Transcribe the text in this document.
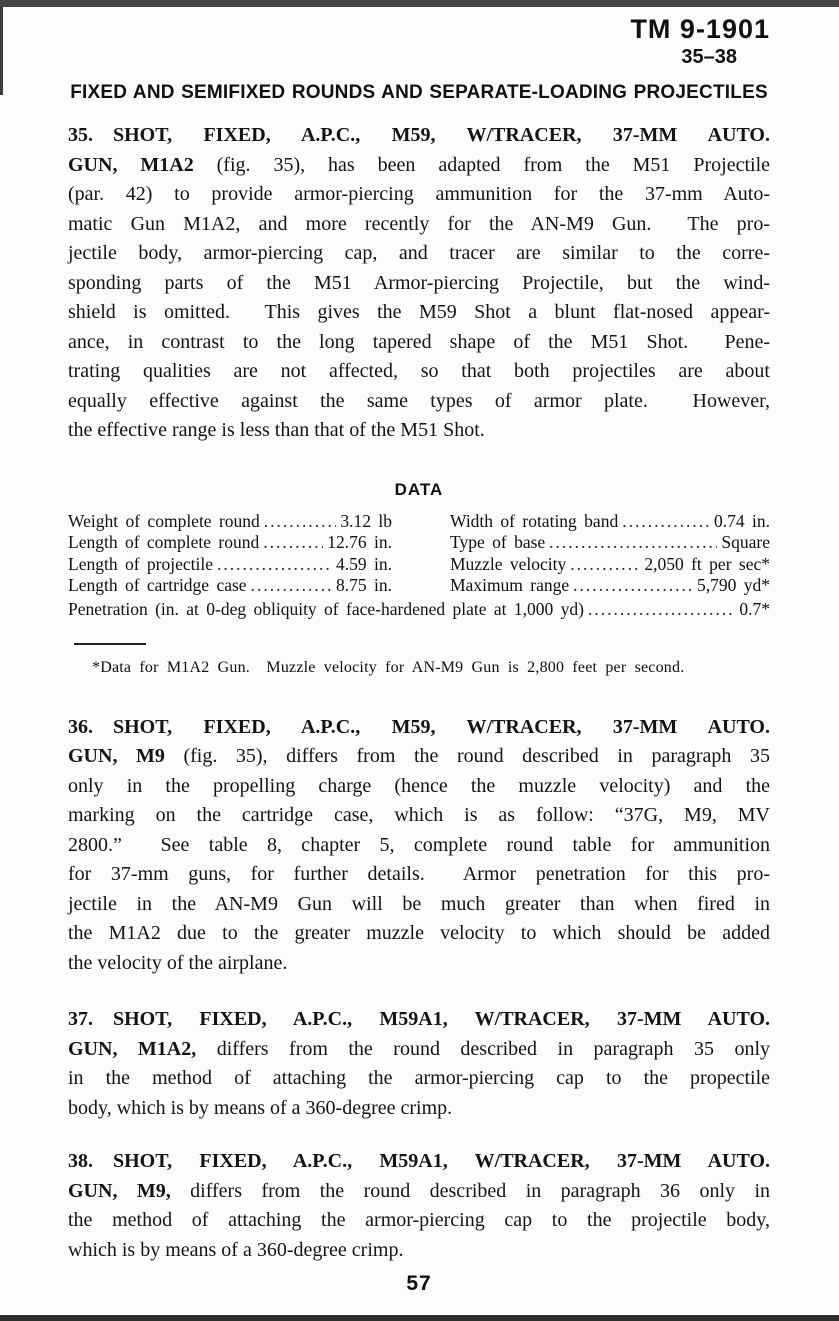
TM 9-1901
35–38
FIXED AND SEMIFIXED ROUNDS AND SEPARATE-LOADING PROJECTILES
35.  SHOT, FIXED, A.P.C., M59, W/TRACER, 37-MM AUTO.
GUN, M1A2 (fig. 35), has been adapted from the M51 Projectile
(par. 42) to provide armor-piercing ammunition for the 37-mm Auto-
matic Gun M1A2, and more recently for the AN-M9 Gun.  The pro-
jectile body, armor-piercing cap, and tracer are similar to the corre-
sponding parts of the M51 Armor-piercing Projectile, but the wind-
shield is omitted.  This gives the M59 Shot a blunt flat-nosed appear-
ance, in contrast to the long tapered shape of the M51 Shot.  Pene-
trating qualities are not affected, so that both projectiles are about
equally effective against the same types of armor plate.  However,
the effective range is less than that of the M51 Shot.
DATA
Weight of complete round .....	3.12 lb
Length of complete round .....	12.76 in.
Length of projectile .....	4.59 in.
Length of cartridge case .....	8.75 in.
Width of rotating band .....	0.74 in.
Type of base .....	Square
Muzzle velocity .....	2,050 ft per sec*
Maximum range .....	5,790 yd*
Penetration (in. at 0-deg obliquity of face-hardened plate at 1,000 yd) .....	0.7*
*Data for M1A2 Gun.  Muzzle velocity for AN-M9 Gun is 2,800 feet per second.
36.  SHOT, FIXED, A.P.C., M59, W/TRACER, 37-MM AUTO.
GUN, M9 (fig. 35), differs from the round described in paragraph 35
only in the propelling charge (hence the muzzle velocity) and the
marking on the cartridge case, which is as follow: “37G, M9, MV
2800.”  See table 8, chapter 5, complete round table for ammunition
for 37-mm guns, for further details.  Armor penetration for this pro-
jectile in the AN-M9 Gun will be much greater than when fired in
the M1A2 due to the greater muzzle velocity to which should be added
the velocity of the airplane.
37.  SHOT, FIXED, A.P.C., M59A1, W/TRACER, 37-MM AUTO.
GUN, M1A2, differs from the round described in paragraph 35 only
in the method of attaching the armor-piercing cap to the propectile
body, which is by means of a 360-degree crimp.
38.  SHOT, FIXED, A.P.C., M59A1, W/TRACER, 37-MM AUTO.
GUN, M9, differs from the round described in paragraph 36 only in
the method of attaching the armor-piercing cap to the projectile body,
which is by means of a 360-degree crimp.
57
